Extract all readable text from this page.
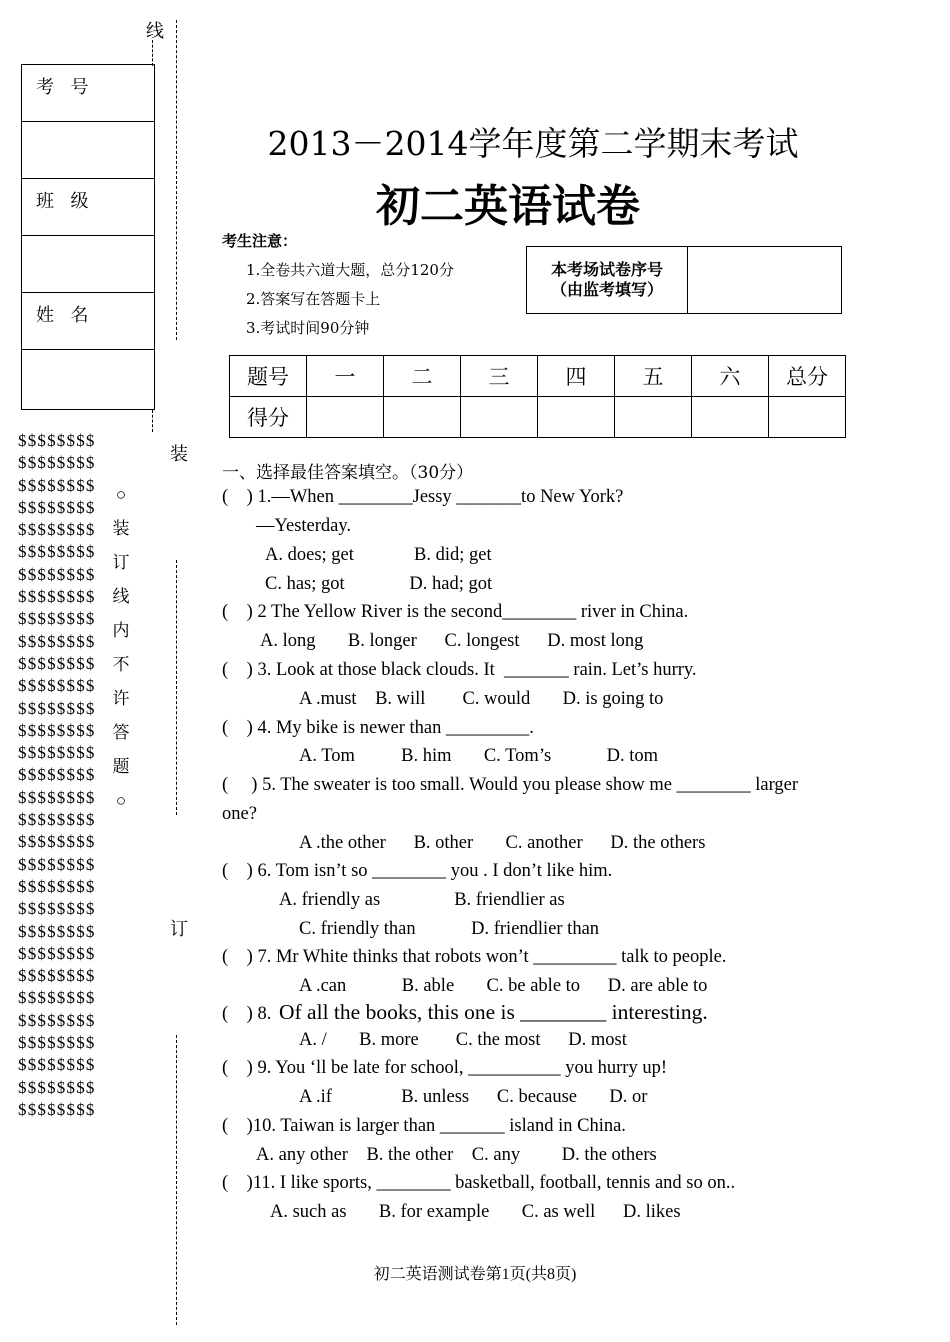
线
装
订
考 号
班 级
姓 名
$$$$$$$$
$$$$$$$$
$$$$$$$$
$$$$$$$$
$$$$$$$$
$$$$$$$$
$$$$$$$$
$$$$$$$$
$$$$$$$$
$$$$$$$$
$$$$$$$$
$$$$$$$$
$$$$$$$$
$$$$$$$$
$$$$$$$$
$$$$$$$$
$$$$$$$$
$$$$$$$$
$$$$$$$$
$$$$$$$$
$$$$$$$$
$$$$$$$$
$$$$$$$$
$$$$$$$$
$$$$$$$$
$$$$$$$$
$$$$$$$$
$$$$$$$$
$$$$$$$$
$$$$$$$$
$$$$$$$$
○
装
订
线
内
不
许
答
题
○
2013－2014学年度第二学期末考试
初二英语试卷
考生注意：
1.全卷共六道大题，总分120分
2.答案写在答题卡上
3.考试时间90分钟
本考场试卷序号
（由监考填写）
题号	一	二	三	四	五	六	总分
得分							
一、选择最佳答案填空。（30分）
(    ) 1.—When ________Jessy _______to New York?
—Yesterday.
A. does; get             B. did; get
C. has; got              D. had; got
(    ) 2 The Yellow River is the second________ river in China.
A. long       B. longer      C. longest      D. most long
(    ) 3. Look at those black clouds. It  _______ rain. Let’s hurry.
A .must    B. will        C. would       D. is going to
(    ) 4. My bike is newer than _________.
A. Tom          B. him       C. Tom’s            D. tom
(     ) 5. The sweater is too small. Would you please show me ________ larger
one?
A .the other      B. other       C. another      D. the others
(    ) 6. Tom isn’t so ________ you . I don’t like him.
A. friendly as                B. friendlier as
C. friendly than            D. friendlier than
(    ) 7. Mr White thinks that robots won’t _________ talk to people.
A .can            B. able       C. be able to      D. are able to
(    ) 8. Of all the books, this one is ________ interesting.
A. /       B. more        C. the most      D. most
(    ) 9. You ‘ll be late for school, __________ you hurry up!
A .if               B. unless      C. because       D. or
(    )10. Taiwan is larger than _______ island in China.
A. any other    B. the other    C. any         D. the others
(    )11. I like sports, ________ basketball, football, tennis and so on..
A. such as       B. for example       C. as well      D. likes
初二英语测试卷第1页(共8页)
